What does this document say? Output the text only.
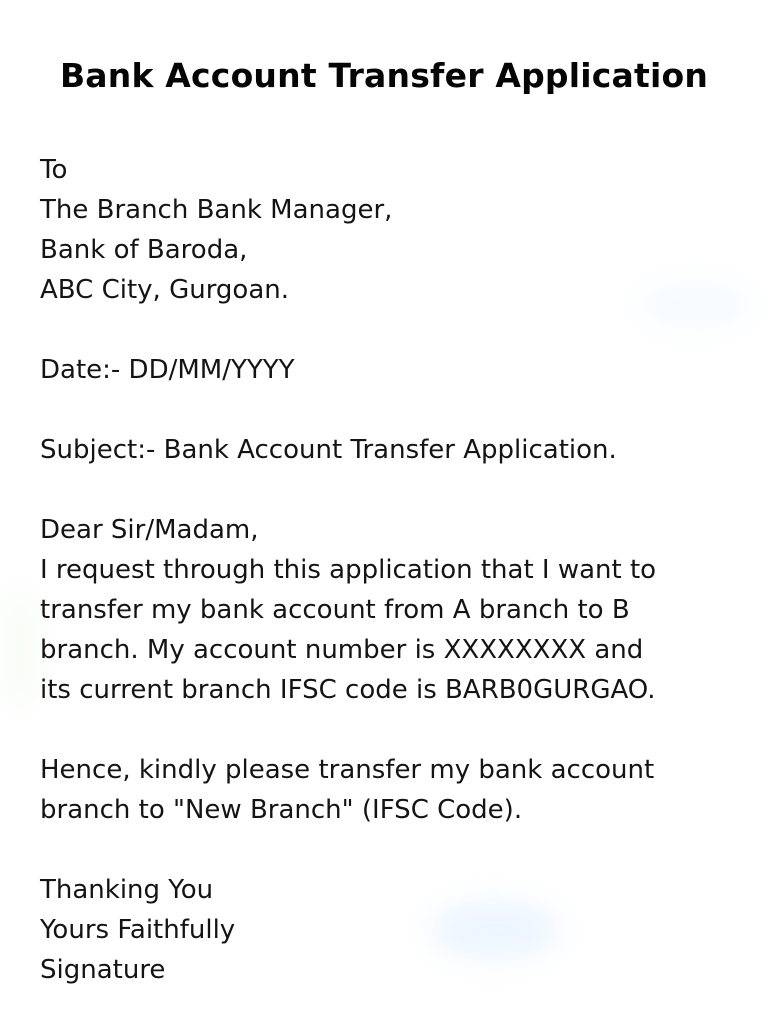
Bank Account Transfer Application
To
The Branch Bank Manager,
Bank of Baroda,
ABC City, Gurgoan.
Date:- DD/MM/YYYY
Subject:- Bank Account Transfer Application.
Dear Sir/Madam,
I request through this application that I want to
transfer my bank account from A branch to B
branch. My account number is XXXXXXXX and
its current branch IFSC code is BARB0GURGAO.
Hence, kindly please transfer my bank account
branch to "New Branch" (IFSC Code).
Thanking You
Yours Faithfully
Signature
